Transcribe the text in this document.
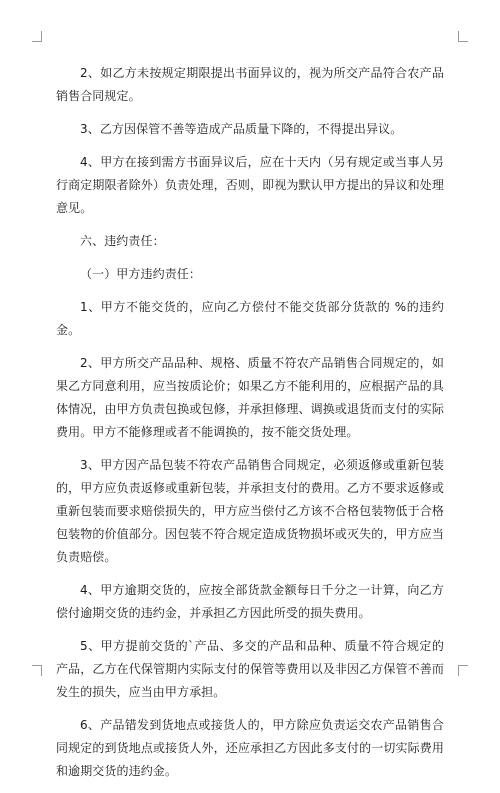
2、如乙方未按规定期限提出书面异议的，视为所交产品符合农产品销售合同规定。

3、乙方因保管不善等造成产品质量下降的，不得提出异议。

4、甲方在接到需方书面异议后，应在十天内（另有规定或当事人另行商定期限者除外）负责处理，否则，即视为默认甲方提出的异议和处理意见。

六、违约责任：

（一）甲方违约责任：

1、甲方不能交货的，应向乙方偿付不能交货部分货款的 %的违约金。

2、甲方所交产品品种、规格、质量不符农产品销售合同规定的，如果乙方同意利用，应当按质论价；如果乙方不能利用的，应根据产品的具体情况，由甲方负责包换或包修，并承担修理、调换或退货而支付的实际费用。甲方不能修理或者不能调换的，按不能交货处理。

3、甲方因产品包装不符农产品销售合同规定，必须返修或重新包装的，甲方应负责返修或重新包装，并承担支付的费用。乙方不要求返修或重新包装而要求赔偿损失的，甲方应当偿付乙方该不合格包装物低于合格包装物的价值部分。因包装不符合规定造成货物损坏或灭失的，甲方应当负责赔偿。

4、甲方逾期交货的，应按全部货款金额每日千分之一计算，向乙方偿付逾期交货的违约金，并承担乙方因此所受的损失费用。

5、甲方提前交货的`产品、多交的产品和品种、质量不符合规定的产品，乙方在代保管期内实际支付的保管等费用以及非因乙方保管不善而发生的损失，应当由甲方承担。

6、产品错发到货地点或接货人的，甲方除应负责运交农产品销售合同规定的到货地点或接货人外，还应承担乙方因此多支付的一切实际费用和逾期交货的违约金。
